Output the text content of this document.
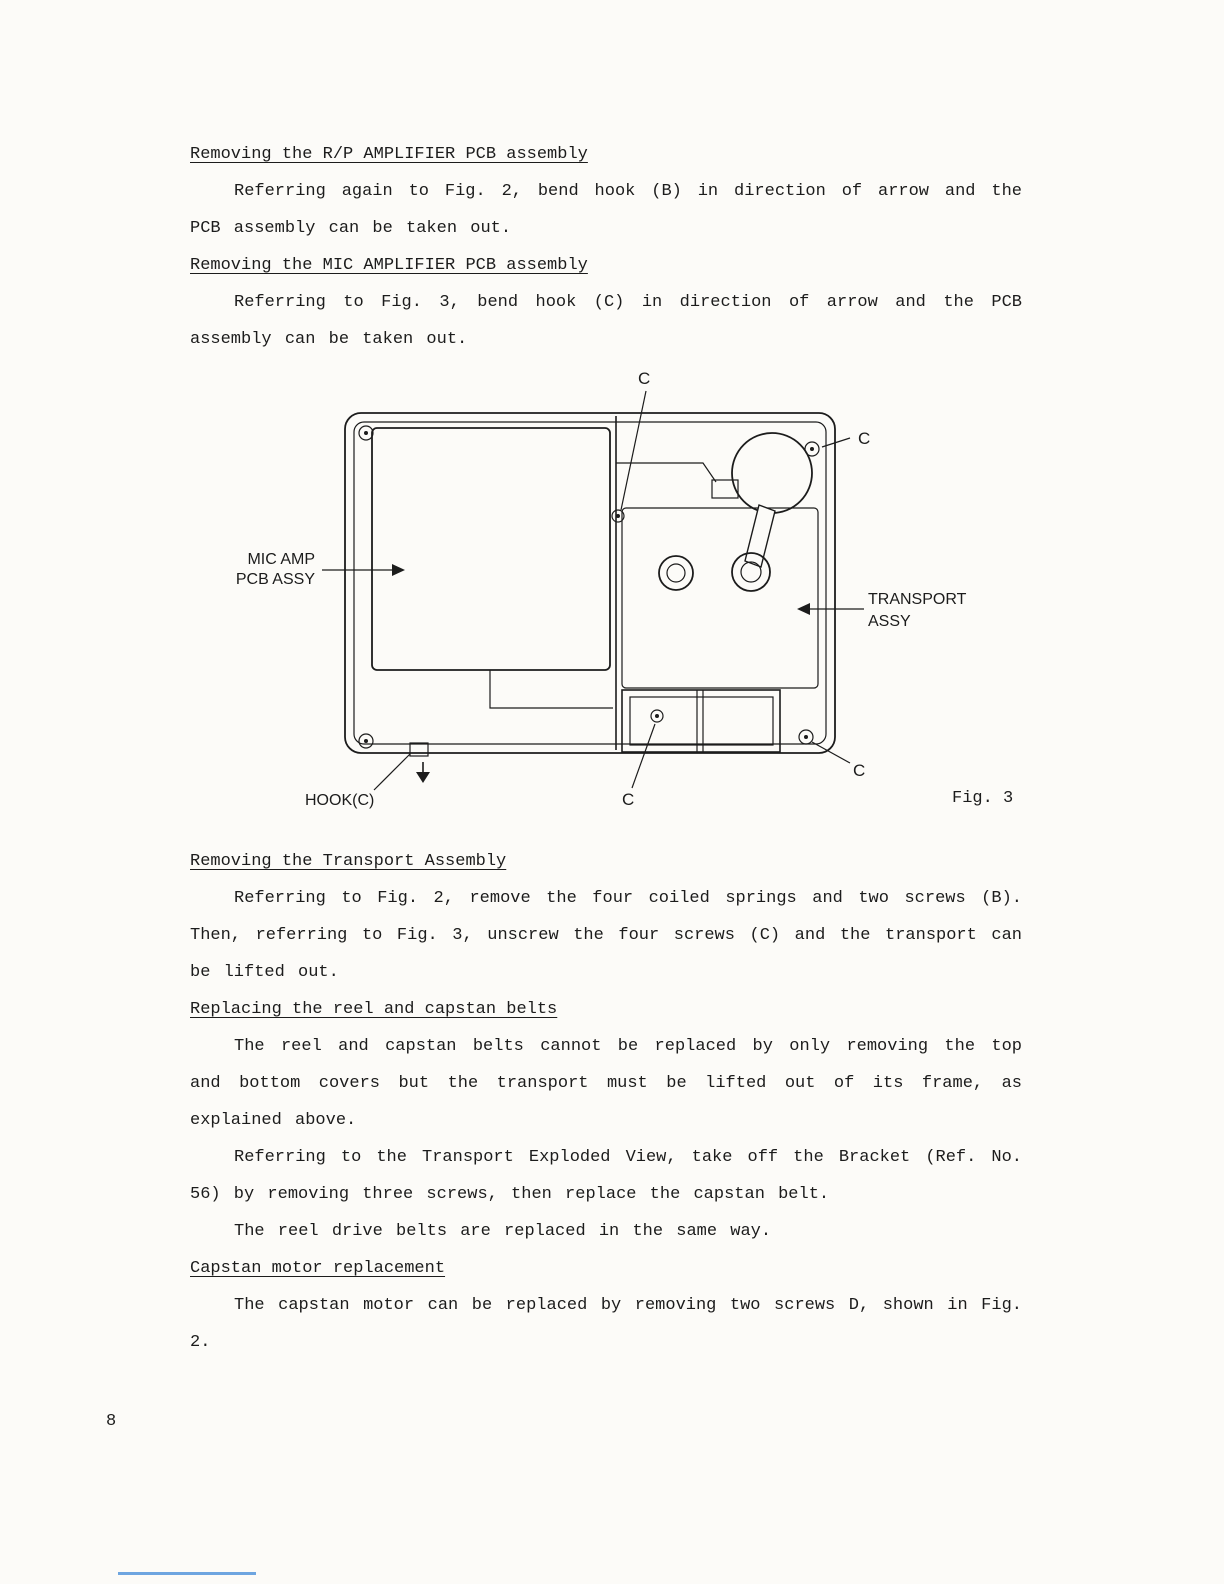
Removing the R/P AMPLIFIER PCB assembly

Referring again to Fig. 2, bend hook (B) in direction of arrow and the PCB assembly can be taken out.

Removing the MIC AMPLIFIER PCB assembly

Referring to Fig. 3, bend hook (C) in direction of arrow and the PCB assembly can be taken out.

C
C
C
C
MIC AMP
PCB ASSY
TRANSPORT
ASSY
HOOK(C)	Fig. 3
Removing the Transport Assembly

Referring to Fig. 2, remove the four coiled springs and two screws (B). Then, referring to Fig. 3, unscrew the four screws (C) and the transport can be lifted out.

Replacing the reel and capstan belts

The reel and capstan belts cannot be replaced by only removing the top and bottom covers but the transport must be lifted out of its frame, as explained above.

Referring to the Transport Exploded View, take off the Bracket (Ref. No. 56) by removing three screws, then replace the capstan belt.

The reel drive belts are replaced in the same way.

Capstan motor replacement

The capstan motor can be replaced by removing two screws D, shown in Fig. 2.

8
